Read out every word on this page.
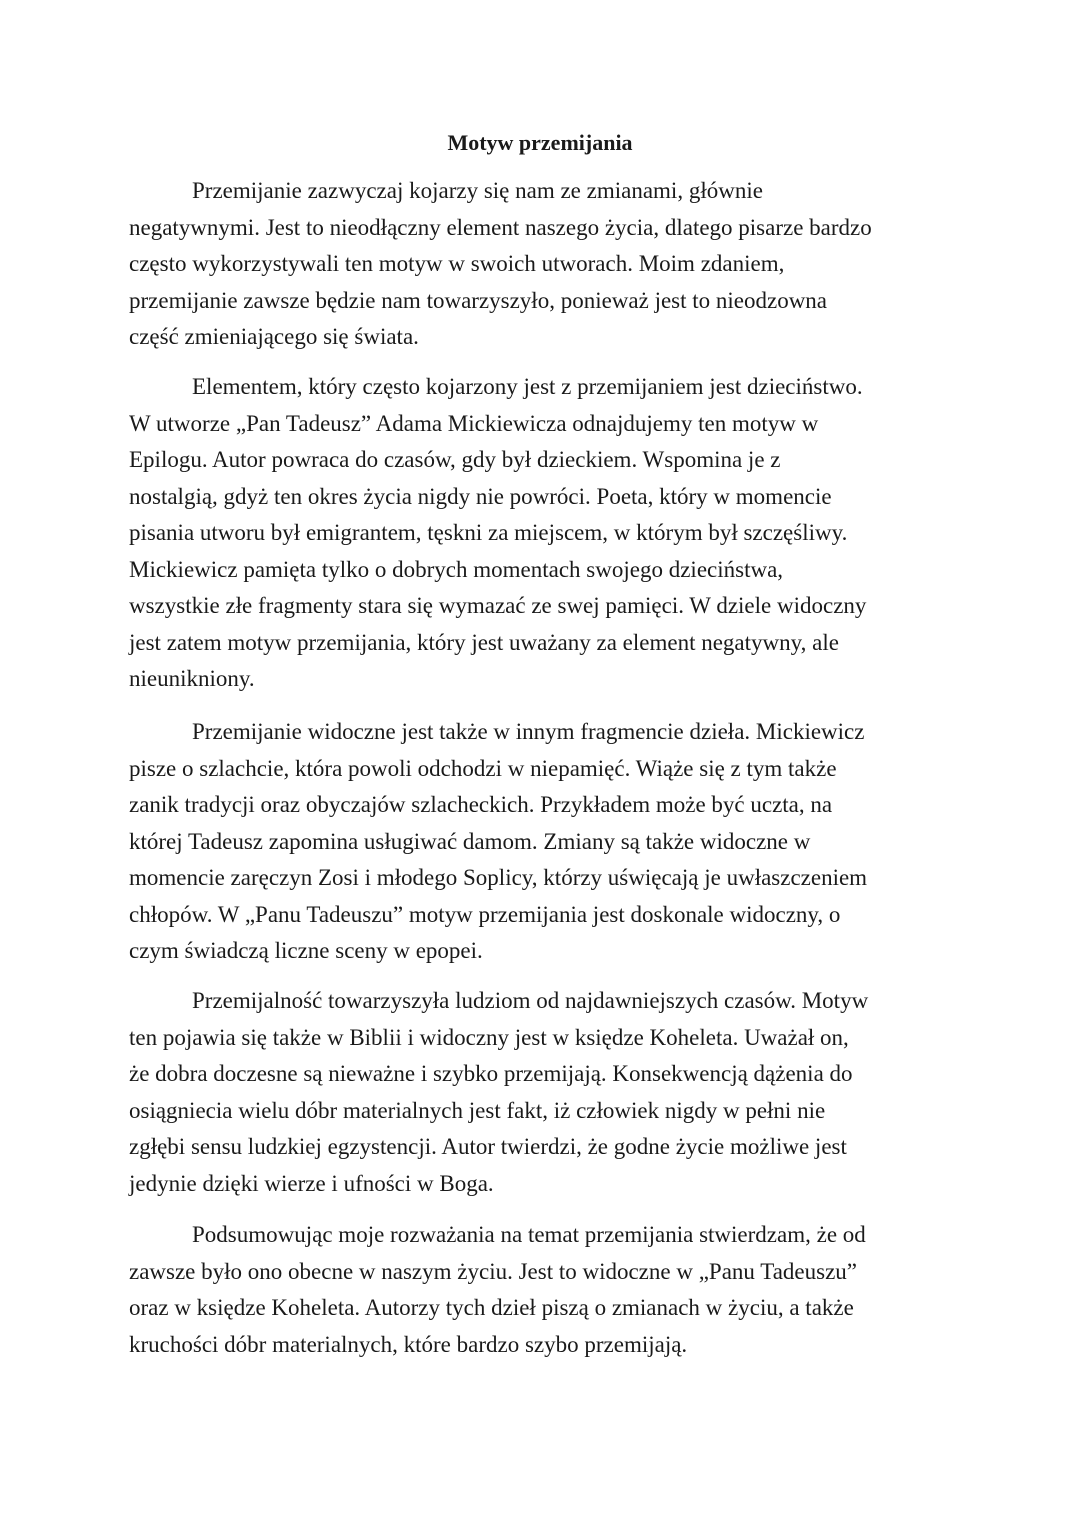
Motyw przemijania
Przemijanie zazwyczaj kojarzy się nam ze zmianami, głównie
negatywnymi. Jest to nieodłączny element naszego życia, dlatego pisarze bardzo
często wykorzystywali ten motyw w swoich utworach. Moim zdaniem,
przemijanie zawsze będzie nam towarzyszyło, ponieważ jest to nieodzowna
część zmieniającego się świata.
Elementem, który często kojarzony jest z przemijaniem jest dzieciństwo.
W utworze „Pan Tadeusz” Adama Mickiewicza odnajdujemy ten motyw w
Epilogu. Autor powraca do czasów, gdy był dzieckiem. Wspomina je z
nostalgią, gdyż ten okres życia nigdy nie powróci. Poeta, który w momencie
pisania utworu był emigrantem, tęskni za miejscem, w którym był szczęśliwy.
Mickiewicz pamięta tylko o dobrych momentach swojego dzieciństwa,
wszystkie złe fragmenty stara się wymazać ze swej pamięci. W dziele widoczny
jest zatem motyw przemijania, który jest uważany za element negatywny, ale
nieunikniony.
Przemijanie widoczne jest także w innym fragmencie dzieła. Mickiewicz
pisze o szlachcie, która powoli odchodzi w niepamięć. Wiąże się z tym także
zanik tradycji oraz obyczajów szlacheckich. Przykładem może być uczta, na
której Tadeusz zapomina usługiwać damom. Zmiany są także widoczne w
momencie zaręczyn Zosi i młodego Soplicy, którzy uświęcają je uwłaszczeniem
chłopów. W „Panu Tadeuszu” motyw przemijania jest doskonale widoczny, o
czym świadczą liczne sceny w epopei.
Przemijalność towarzyszyła ludziom od najdawniejszych czasów. Motyw
ten pojawia się także w Biblii i widoczny jest w księdze Koheleta. Uważał on,
że dobra doczesne są nieważne i szybko przemijają. Konsekwencją dążenia do
osiągniecia wielu dóbr materialnych jest fakt, iż człowiek nigdy w pełni nie
zgłębi sensu ludzkiej egzystencji. Autor twierdzi, że godne życie możliwe jest
jedynie dzięki wierze i ufności w Boga.
Podsumowując moje rozważania na temat przemijania stwierdzam, że od
zawsze było ono obecne w naszym życiu. Jest to widoczne w „Panu Tadeuszu”
oraz w księdze Koheleta. Autorzy tych dzieł piszą o zmianach w życiu, a także
kruchości dóbr materialnych, które bardzo szybo przemijają.
